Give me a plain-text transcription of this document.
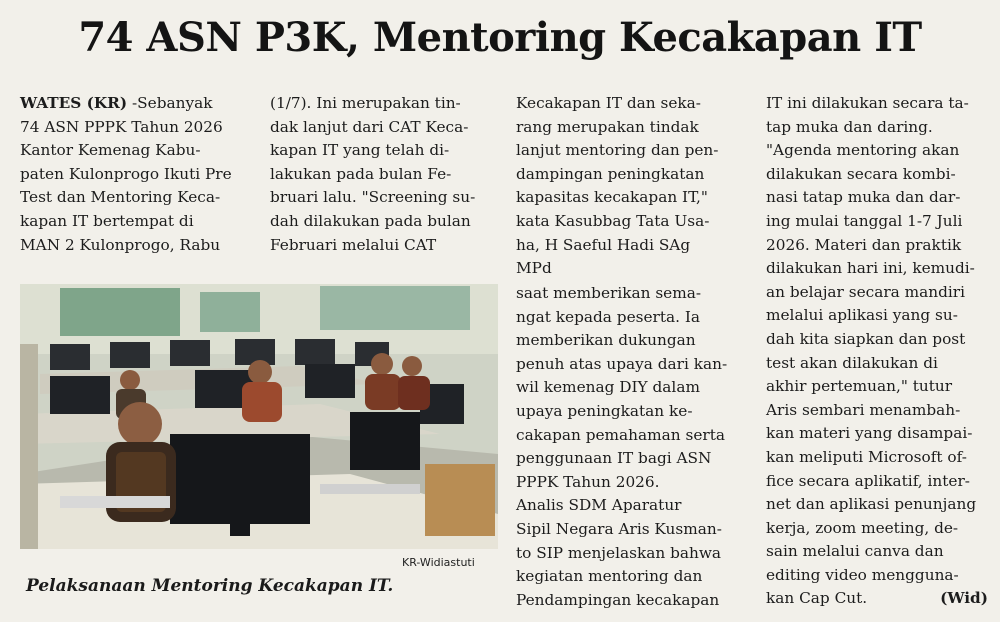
74 ASN P3K, Mentoring Kecakapan IT

WATES (KR) -Sebanyak
74 ASN PPPK Tahun 2026
Kantor Kemenag Kabu-
paten Kulonprogo Ikuti Pre
Test dan Mentoring Keca-
kapan IT bertempat di
MAN 2 Kulonprogo, Rabu

(1/7). Ini merupakan tin-
dak lanjut dari CAT Keca-
kapan IT yang telah di-
lakukan pada bulan Fe-
bruari lalu. "Screening su-
dah dilakukan pada bulan
Februari melalui CAT

Kecakapan IT dan seka-
rang merupakan tindak
lanjut mentoring dan pen-
dampingan peningkatan
kapasitas kecakapan IT,"
kata Kasubbag Tata Usa-
ha, H Saeful Hadi SAg
MPd

saat memberikan sema-
ngat kepada peserta. Ia
memberikan dukungan
penuh atas upaya dari kan-
wil kemenag DIY dalam
upaya peningkatan ke-
cakapan pemahaman serta
penggunaan IT bagi ASN
PPPK Tahun 2026.
Analis SDM Aparatur
Sipil Negara Aris Kusman-
to SIP menjelaskan bahwa
kegiatan mentoring dan
Pendampingan kecakapan

IT ini dilakukan secara ta-
tap muka dan daring.
"Agenda mentoring akan
dilakukan secara kombi-
nasi tatap muka dan dar-
ing mulai tanggal 1-7 Juli
2026. Materi dan praktik
dilakukan hari ini, kemudi-
an belajar secara mandiri
melalui aplikasi yang su-
dah kita siapkan dan post
test akan dilakukan di
akhir pertemuan," tutur
Aris sembari menambah-
kan materi yang disampai-
kan meliputi Microsoft of-
fice secara aplikatif, inter-
net dan aplikasi penunjang
kerja, zoom meeting, de-
sain melalui canva dan
editing video mengguna-
kan Cap Cut.	(Wid)

KR-Widiastuti
Pelaksanaan Mentoring Kecakapan IT.
